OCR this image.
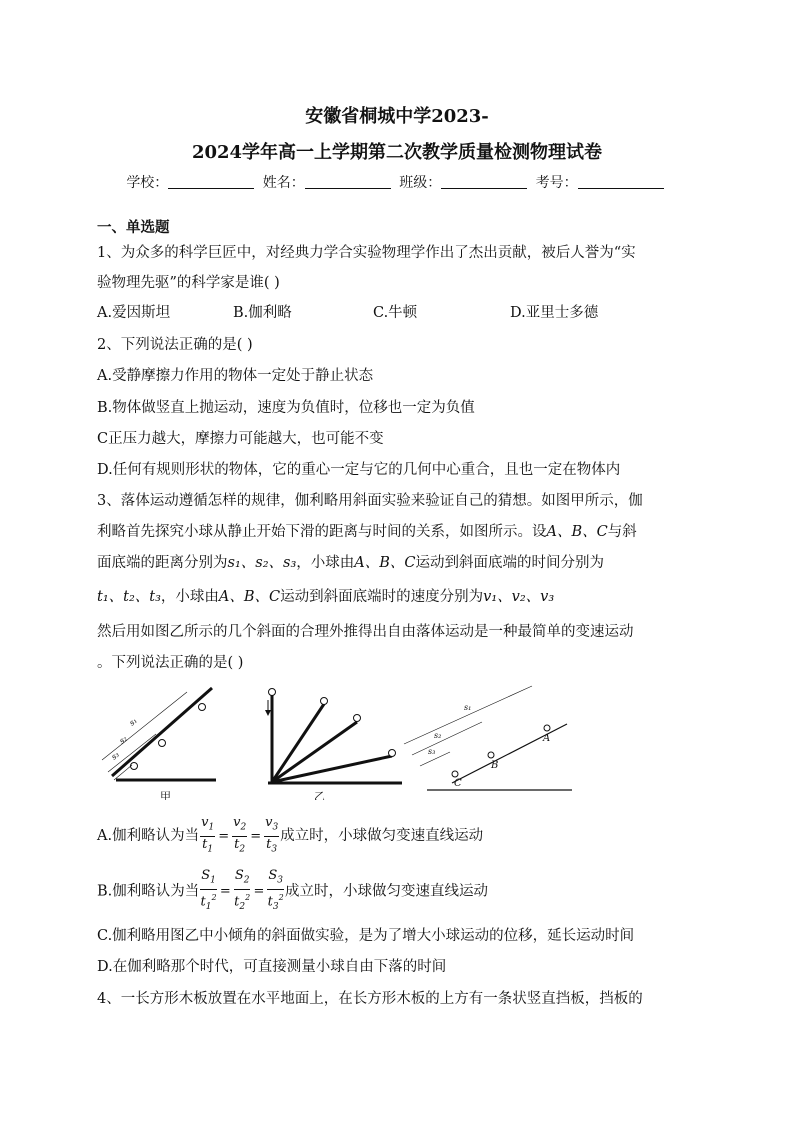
安徽省桐城中学2023-
2024学年高一上学期第二次教学质量检测物理试卷
学校：	姓名：	班级：	考号：
一、单选题
1、为众多的科学巨匠中，对经典力学合实验物理学作出了杰出贡献，被后人誉为“实
验物理先驱”的科学家是谁( )
A.爱因斯坦	B.伽利略	C.牛顿	D.亚里士多德
2、下列说法正确的是( )
A.受静摩擦力作用的物体一定处于静止状态
B.物体做竖直上抛运动，速度为负值时，位移也一定为负值
C正压力越大，摩擦力可能越大，也可能不变
D.任何有规则形状的物体，它的重心一定与它的几何中心重合，且也一定在物体内
3、落体运动遵循怎样的规律，伽利略用斜面实验来验证自己的猜想。如图甲所示，伽
利略首先探究小球从静止开始下滑的距离与时间的关系，如图所示。设A、B、C与斜
面底端的距离分别为s₁、s₂、s₃，小球由A、B、C运动到斜面底端的时间分别为
t₁、t₂、t₃，小球由A、B、C运动到斜面底端时的速度分别为v₁、v₂、v₃
然后用如图乙所示的几个斜面的合理外推得出自由落体运动是一种最简单的变速运动
。下列说法正确的是( )
s₁
s₂
s₃
甲	乙
s₁
s₂
s₃
A
B
C
A.伽利略认为当 $\frac{v_1}{t_1} = \frac{v_2}{t_2} = \frac{v_3}{t_3}$ 成立时，小球做匀变速直线运动
B.伽利略认为当 $\frac{S_1}{t_1^2} = \frac{S_2}{t_2^2} = \frac{S_3}{t_3^2}$ 成立时，小球做匀变速直线运动
C.伽利略用图乙中小倾角的斜面做实验，是为了增大小球运动的位移，延长运动时间
D.在伽利略那个时代，可直接测量小球自由下落的时间
4、一长方形木板放置在水平地面上，在长方形木板的上方有一条状竖直挡板，挡板的
